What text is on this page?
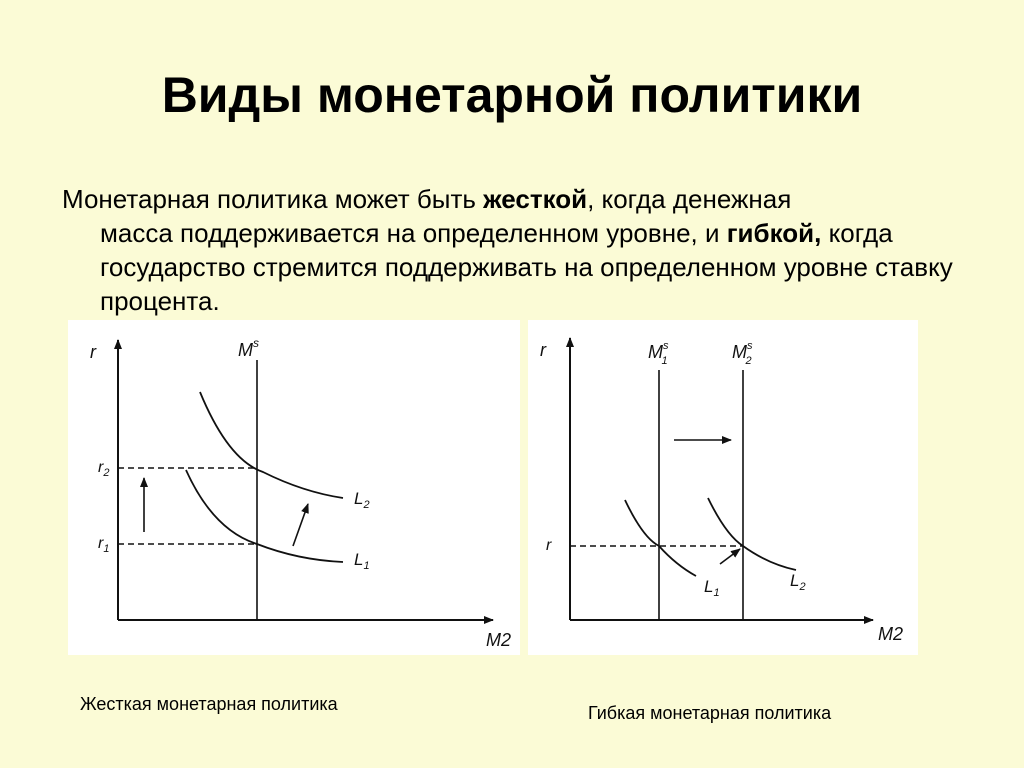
Виды монетарной политики
Монетарная политика может быть жесткой, когда денежная
масса поддерживается на определенном уровне, и гибкой, когда государство стремится поддерживать на определенном уровне ставку процента.
r
M2
$M^s$
$r_2$
$r_1$
$L_2$
$L_1$
r
M2
$M^s$ 1	$M^s$ 2
r
$L_1$
$L_2$
Жесткая монетарная политика	Гибкая монетарная политика
